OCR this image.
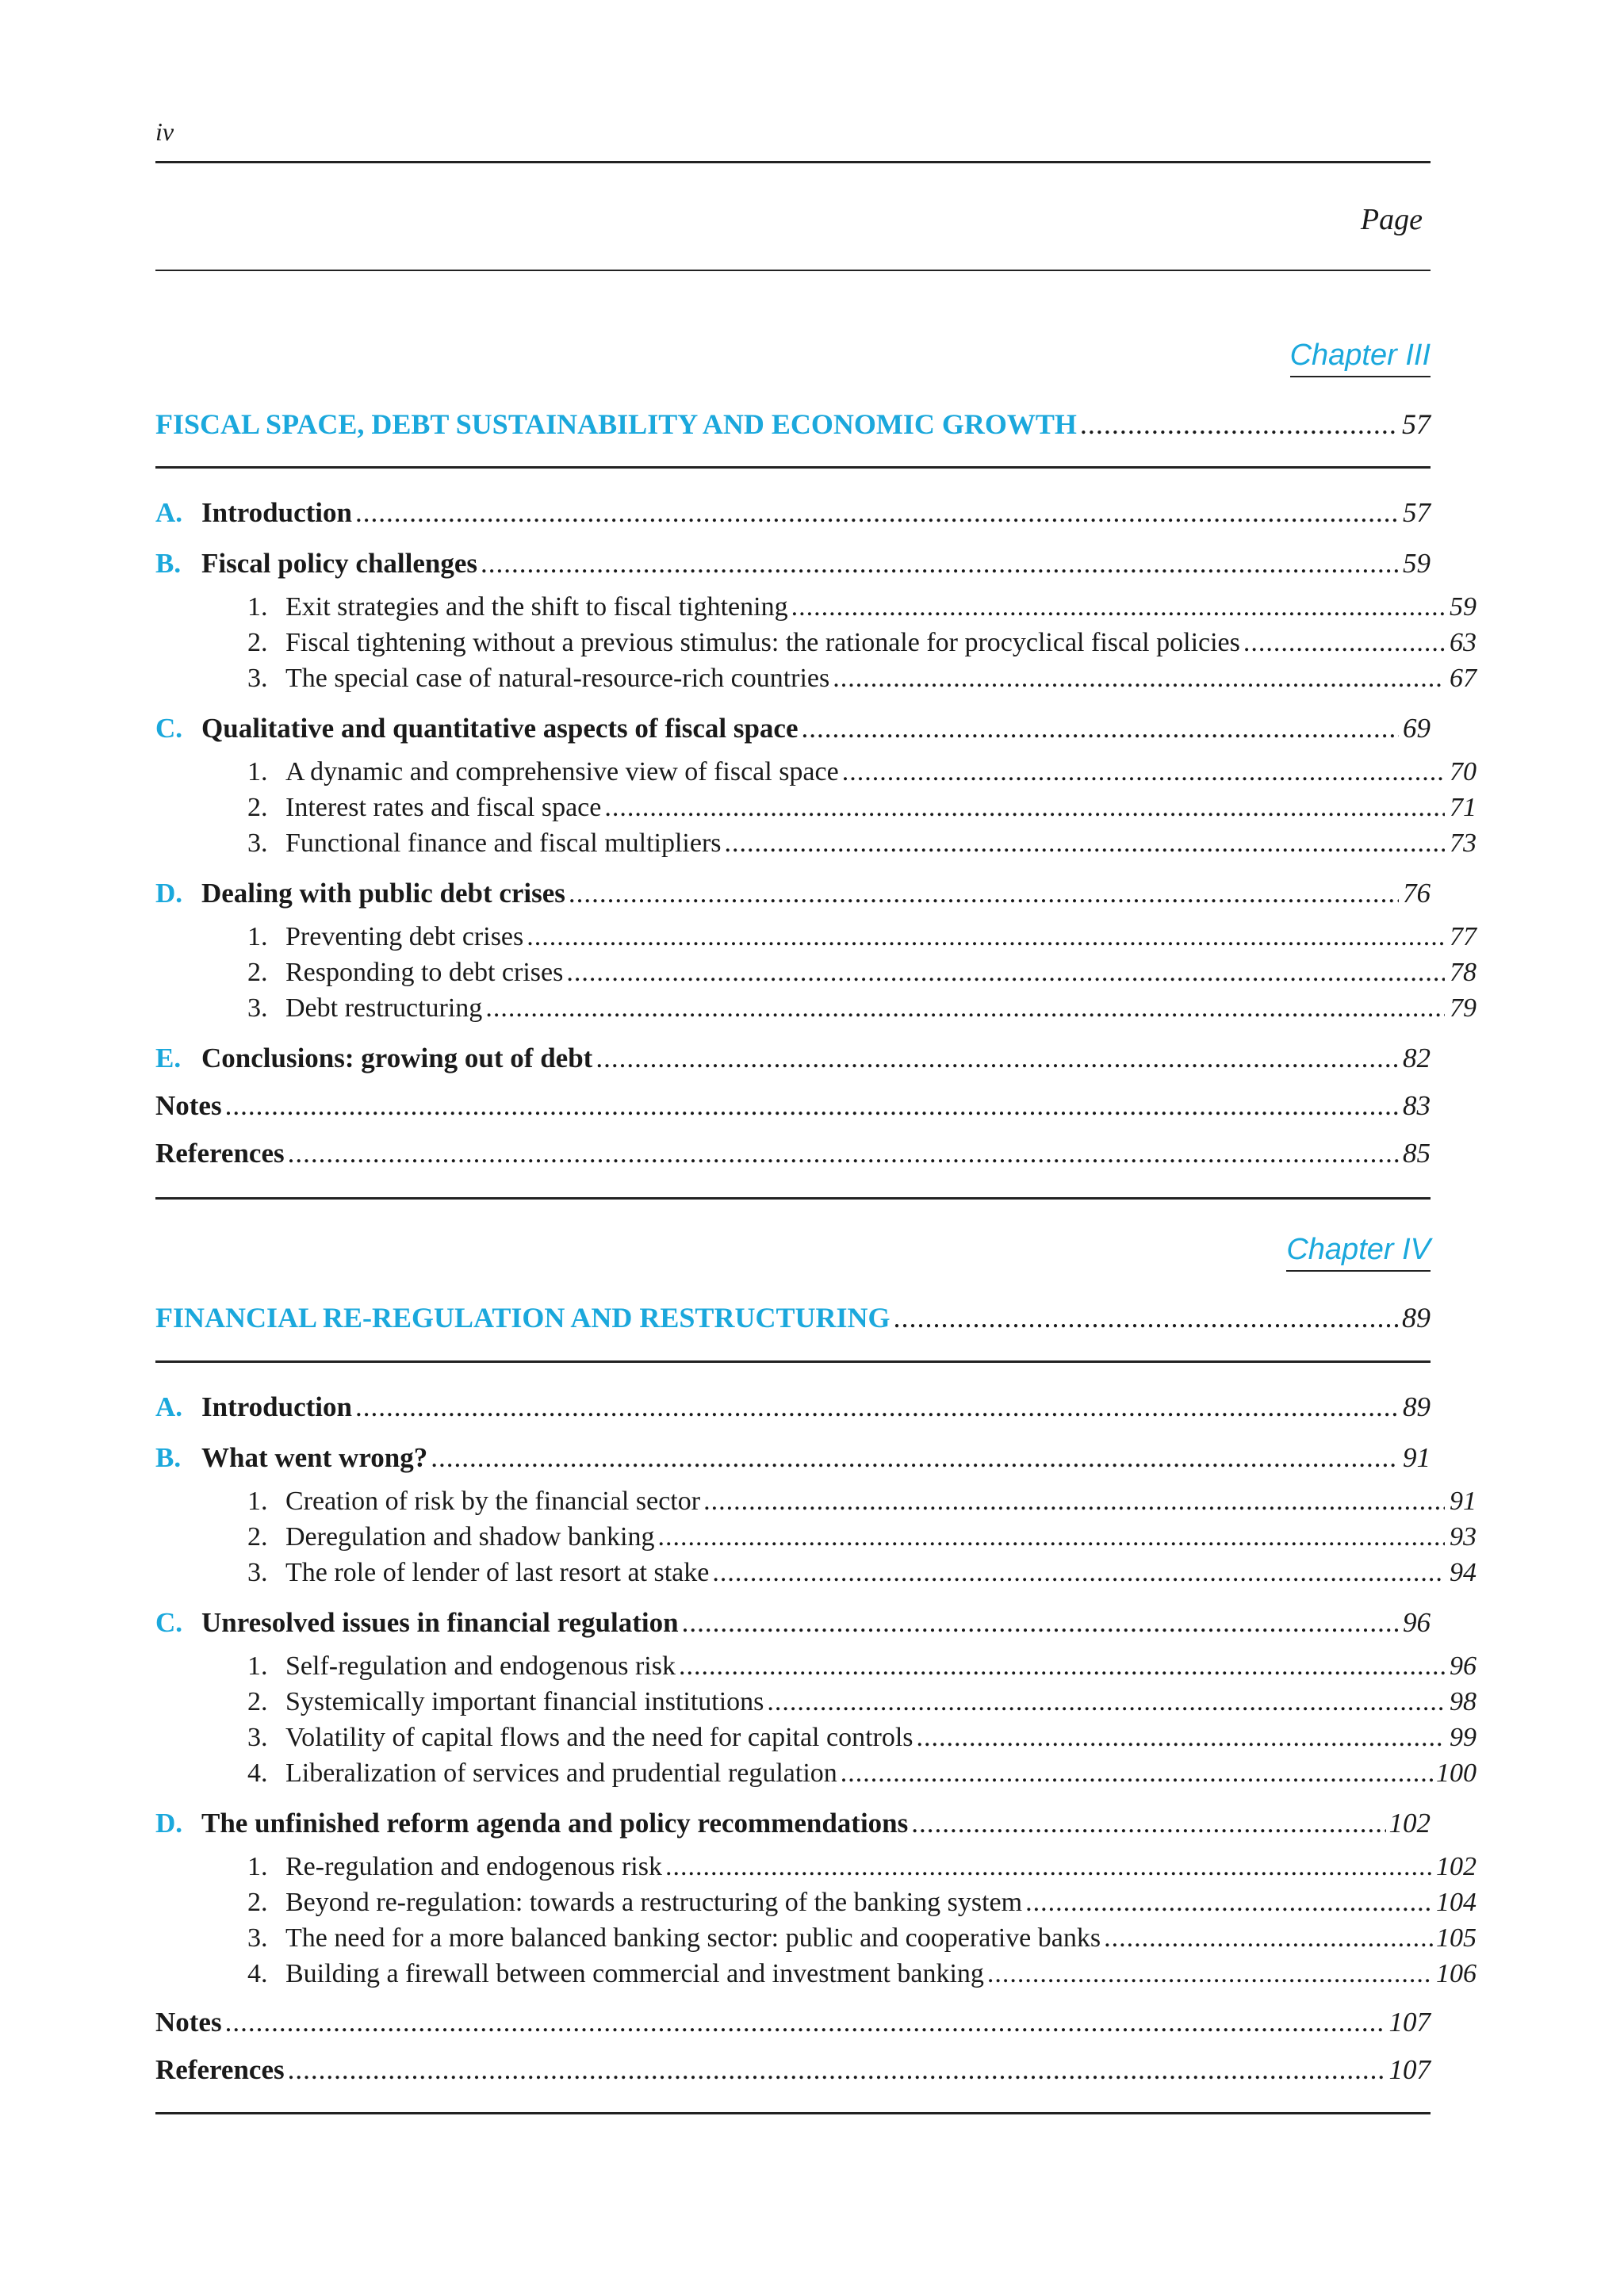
iv
Page
Chapter III
FISCAL SPACE, DEBT SUSTAINABILITY AND ECONOMIC GROWTH .....	57
A. Introduction .....	57
B. Fiscal policy challenges .....	59
1. Exit strategies and the shift to fiscal tightening .....	59
2. Fiscal tightening without a previous stimulus: the rationale for procyclical fiscal policies .....	63
3. The special case of natural-resource-rich countries .....	67
C. Qualitative and quantitative aspects of fiscal space .....	69
1. A dynamic and comprehensive view of fiscal space .....	70
2. Interest rates and fiscal space .....	71
3. Functional finance and fiscal multipliers .....	73
D. Dealing with public debt crises .....	76
1. Preventing debt crises .....	77
2. Responding to debt crises .....	78
3. Debt restructuring .....	79
E. Conclusions: growing out of debt .....	82
Notes .....	83
References .....	85
Chapter IV
FINANCIAL RE-REGULATION AND RESTRUCTURING .....	89
A. Introduction .....	89
B. What went wrong? .....	91
1. Creation of risk by the financial sector .....	91
2. Deregulation and shadow banking .....	93
3. The role of lender of last resort at stake .....	94
C. Unresolved issues in financial regulation .....	96
1. Self-regulation and endogenous risk .....	96
2. Systemically important financial institutions .....	98
3. Volatility of capital flows and the need for capital controls .....	99
4. Liberalization of services and prudential regulation .....	100
D. The unfinished reform agenda and policy recommendations .....	102
1. Re-regulation and endogenous risk .....	102
2. Beyond re-regulation: towards a restructuring of the banking system .....	104
3. The need for a more balanced banking sector: public and cooperative banks .....	105
4. Building a firewall between commercial and investment banking .....	106
Notes .....	107
References .....	107
